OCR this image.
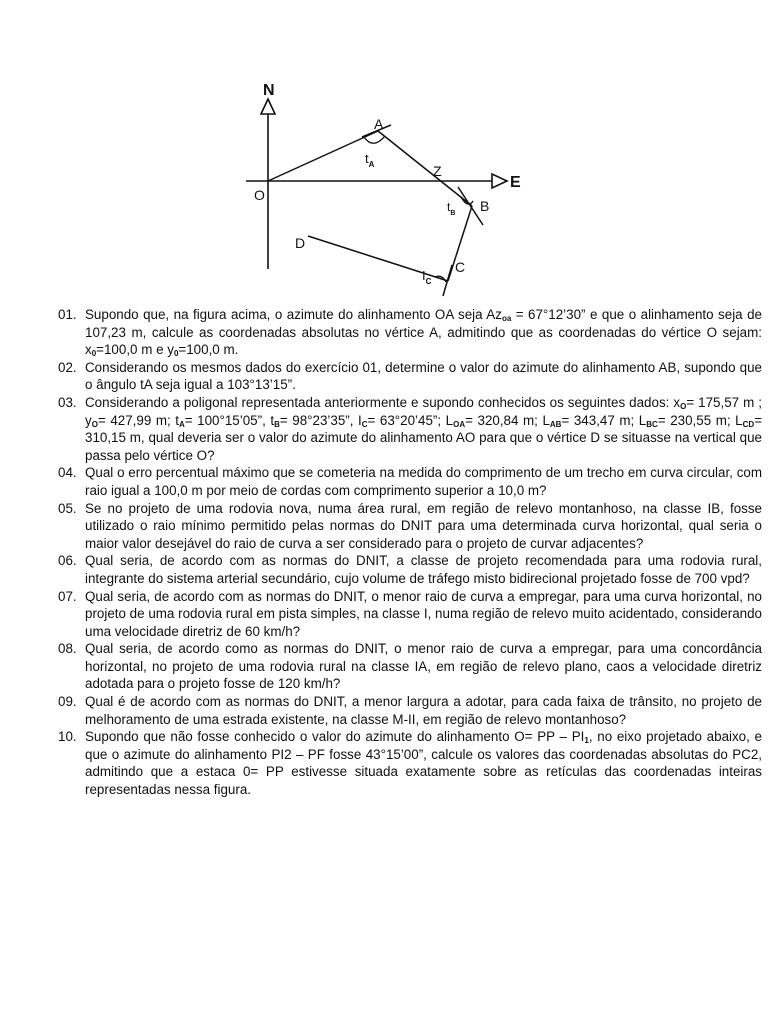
N
E
O
A
Z
B
C
D
$t_A$
$t_B$
$I_C$
01. Supondo que, na figura acima, o azimute do alinhamento OA seja $Az_{oa}$ = 67°12’30” e que o alinhamento seja de 107,23 m, calcule as coordenadas absolutas no vértice A, admitindo que as coordenadas do vértice O sejam: $x_0=100,0$ m e $y_0=100,0$ m.
02. Considerando os mesmos dados do exercício 01, determine o valor do azimute do alinhamento AB, supondo que o ângulo tA seja igual a 103°13’15”.
03. Considerando a poligonal representada anteriormente e supondo conhecidos os seguintes dados: $x_O= 175,57$ m ; $y_O= 427,99$ m; $t_A=$ 100°15’05”, $t_B=$ 98°23’35”, $I_C=$ 63°20’45”; $L_{OA}= 320,84$ m; $L_{AB}= 343,47$ m; $L_{BC}= 230,55$ m; $L_{CD}= 310,15$ m, qual deveria ser o valor do azimute do alinhamento AO para que o vértice D se situasse na vertical que passa pelo vértice O?
04. Qual o erro percentual máximo que se cometeria na medida do comprimento de um trecho em curva circular, com raio igual a 100,0 m por meio de cordas com comprimento superior a 10,0 m?
05. Se no projeto de uma rodovia nova, numa área rural, em região de relevo montanhoso, na classe IB, fosse utilizado o raio mínimo permitido pelas normas do DNIT para uma determinada curva horizontal, qual seria o maior valor desejável do raio de curva a ser considerado para o projeto de curvar adjacentes?
06. Qual seria, de acordo com as normas do DNIT, a classe de projeto recomendada para uma rodovia rural, integrante do sistema arterial secundário, cujo volume de tráfego misto bidirecional projetado fosse de 700 vpd?
07. Qual seria, de acordo com as normas do DNIT, o menor raio de curva a empregar, para uma curva horizontal, no projeto de uma rodovia rural em pista simples, na classe I, numa região de relevo muito acidentado, considerando uma velocidade diretriz de 60 km/h?
08. Qual seria, de acordo como as normas do DNIT, o menor raio de curva a empregar, para uma concordância horizontal, no projeto de uma rodovia rural na classe IA, em região de relevo plano, caos a velocidade diretriz adotada para o projeto fosse de 120 km/h?
09. Qual é de acordo com as normas do DNIT, a menor largura a adotar, para cada faixa de trânsito, no projeto de melhoramento de uma estrada existente, na classe M-II, em região de relevo montanhoso?
10. Supondo que não fosse conhecido o valor do azimute do alinhamento O= PP – $PI_1$, no eixo projetado abaixo, e que o azimute do alinhamento PI2 – PF fosse 43°15’00”, calcule os valores das coordenadas absolutas do PC2, admitindo que a estaca 0= PP estivesse situada exatamente sobre as retículas das coordenadas inteiras representadas nessa figura.
